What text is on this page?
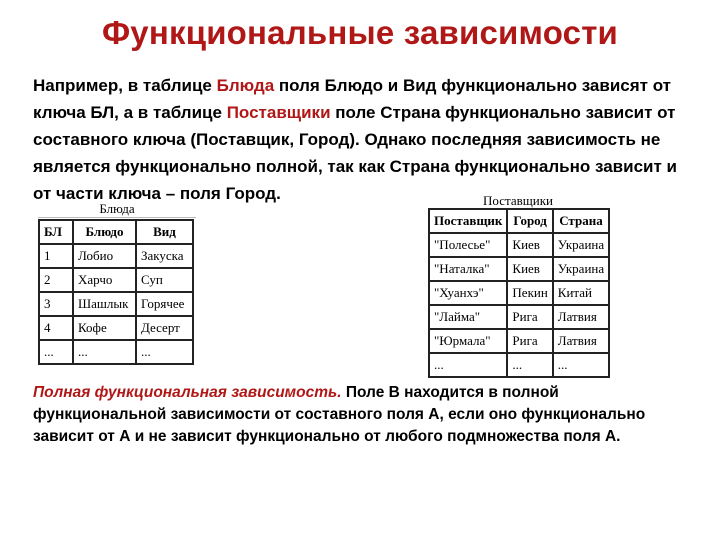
Функциональные зависимости
Например, в таблице Блюда поля Блюдо и Вид функционально зависят от ключа БЛ, а в таблице Поставщики поле Страна функционально зависит от составного ключа (Поставщик, Город). Однако последняя зависимость не является функционально полной, так как Страна функционально зависит и от части ключа – поля Город.
Блюда
БЛ	Блюдо	Вид
1	Лобио	Закуска
2	Харчо	Суп
3	Шашлык	Горячее
4	Кофе	Десерт
...	...	...
Поставщики
Поставщик	Город	Страна
"Полесье"	Киев	Украина
"Наталка"	Киев	Украина
"Хуанхэ"	Пекин	Китай
"Лайма"	Рига	Латвия
"Юрмала"	Рига	Латвия
...	...	...
Полная функциональная зависимость. Поле В находится в полной функциональной зависимости от составного поля А, если оно функционально зависит от А и не зависит функционально от любого подмножества поля А.
